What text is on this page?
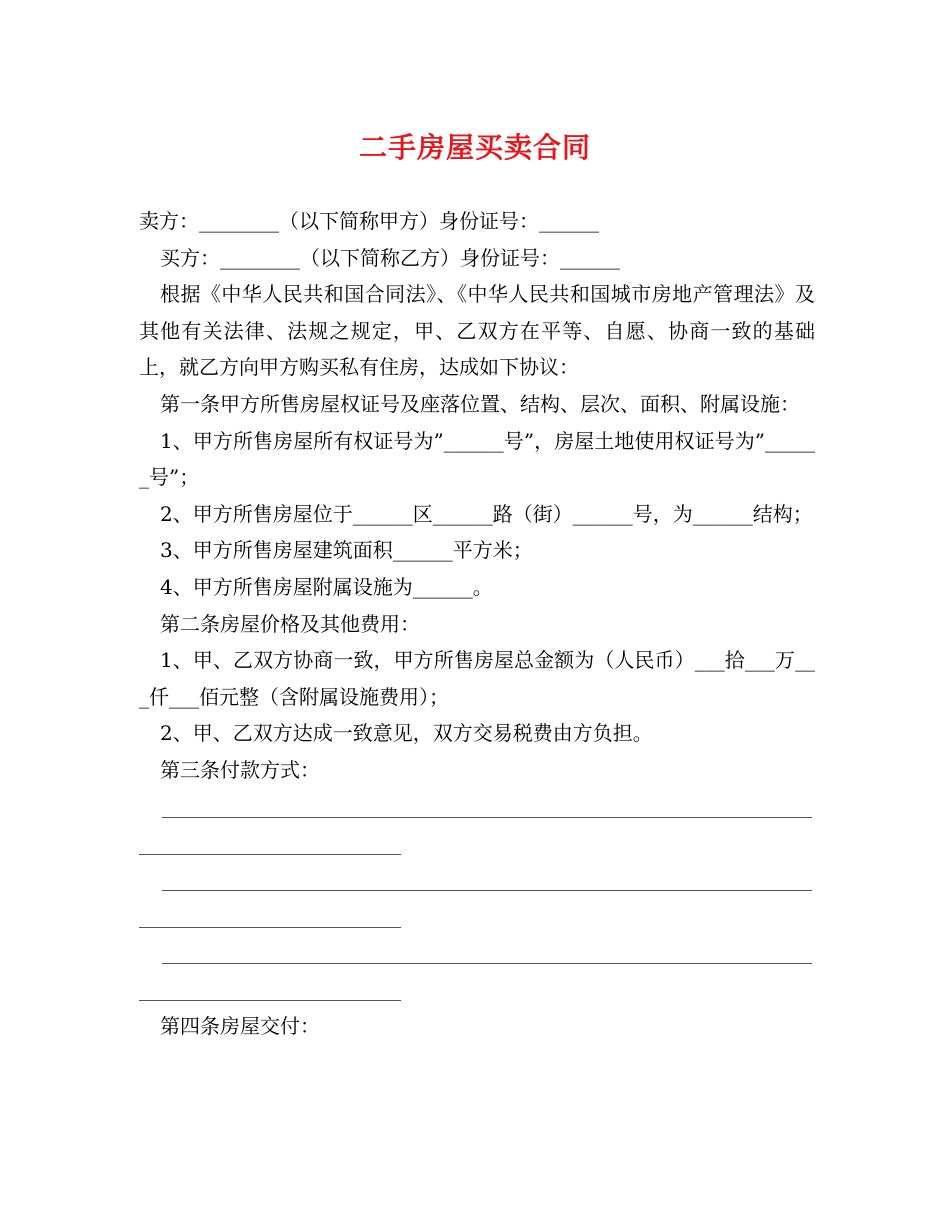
二手房屋买卖合同

卖方：________（以下简称甲方）身份证号：______

买方：________（以下简称乙方）身份证号：______

根据《中华人民共和国合同法》、《中华人民共和国城市房地产管理法》及其他有关法律、法规之规定，甲、乙双方在平等、自愿、协商一致的基础上，就乙方向甲方购买私有住房，达成如下协议：

第一条甲方所售房屋权证号及座落位置、结构、层次、面积、附属设施：

1、甲方所售房屋所有权证号为”______号”，房屋土地使用权证号为”______号”；

2、甲方所售房屋位于______区______路（街）______号，为______结构；

3、甲方所售房屋建筑面积______平方米；

4、甲方所售房屋附属设施为______。

第二条房屋价格及其他费用：

1、甲、乙双方协商一致，甲方所售房屋总金额为（人民币）___拾___万___仟___佰元整（含附属设施费用）；

2、甲、乙双方达成一致意见，双方交易税费由方负担。

第三条付款方式：

第四条房屋交付：
